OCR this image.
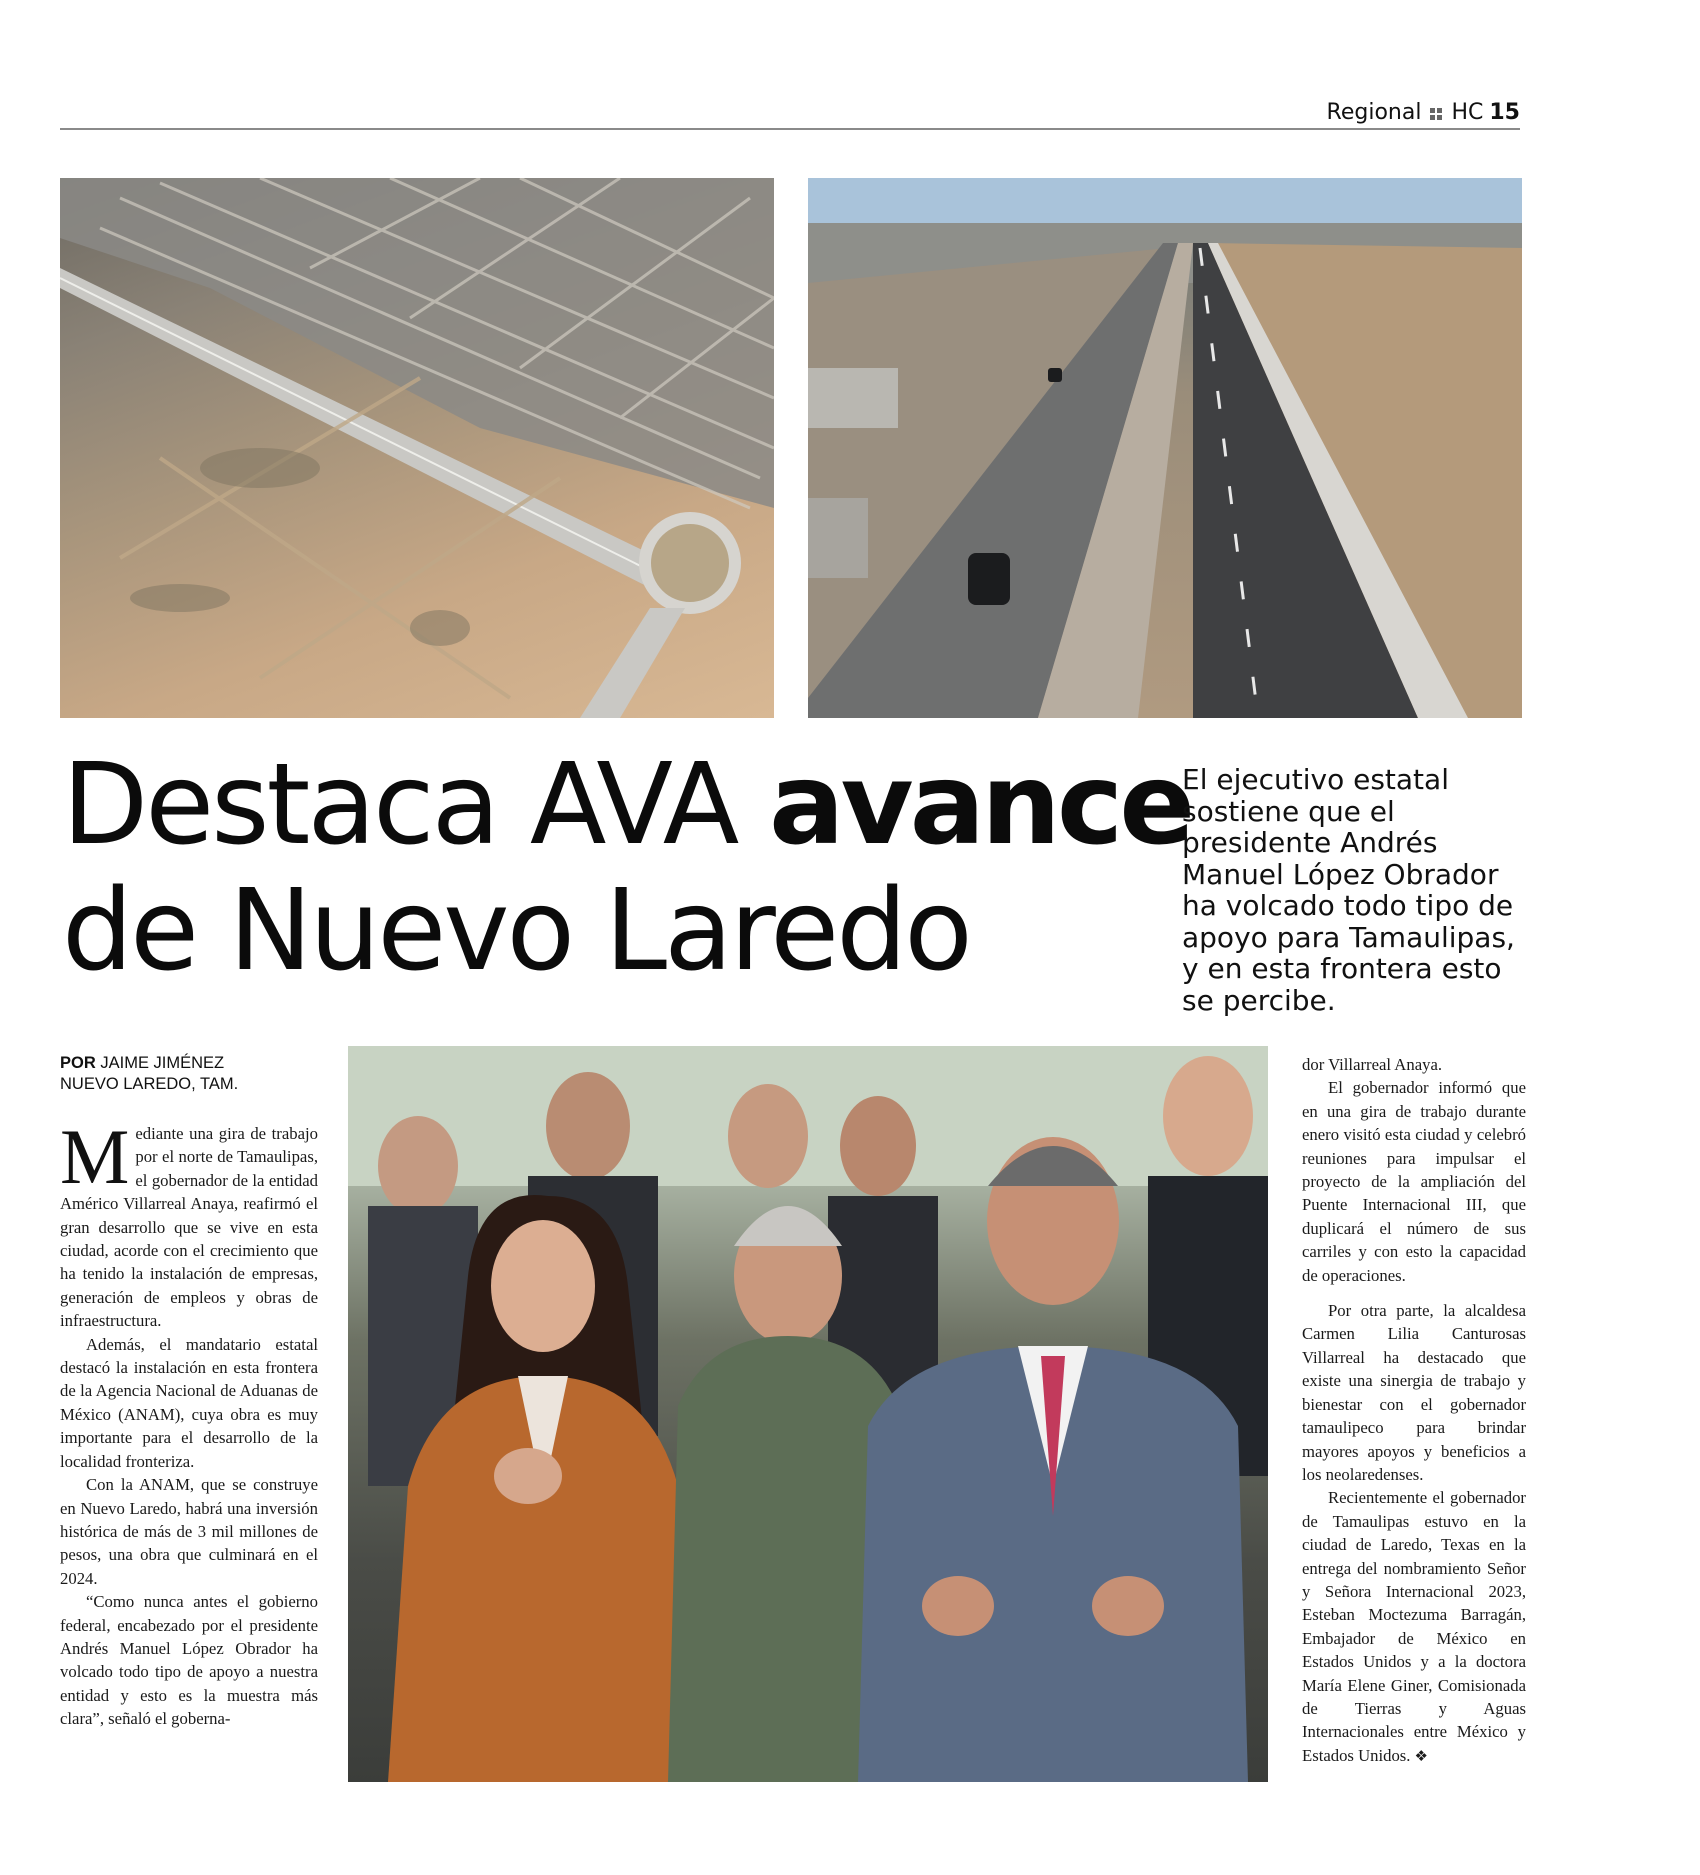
Regional HC 15
Destaca AVA avance
de Nuevo Laredo
El ejecutivo estatal sostiene que el presidente Andrés Manuel López Obrador ha volcado todo tipo de apoyo para Tamaulipas, y en esta frontera esto se percibe.
POR JAIME JIMÉNEZ
NUEVO LAREDO, TAM.

Mediante una gira de trabajo por el norte de Tamaulipas, el gobernador de la entidad Américo Villarreal Anaya, reafirmó el gran desarrollo que se vive en esta ciudad, acorde con el crecimiento que ha tenido la instalación de empresas, generación de empleos y obras de infraestructura.

Además, el mandatario estatal destacó la instalación en esta frontera de la Agencia Nacional de Aduanas de México (ANAM), cuya obra es muy importante para el desarrollo de la localidad fronteriza.

Con la ANAM, que se construye en Nuevo Laredo, habrá una inversión histórica de más de 3 mil millones de pesos, una obra que culminará en el 2024.

“Como nunca antes el gobierno federal, encabezado por el presidente Andrés Manuel López Obrador ha volcado todo tipo de apoyo a nuestra entidad y esto es la muestra más clara”, señaló el goberna-

dor Villarreal Anaya.

El gobernador informó que en una gira de trabajo durante enero visitó esta ciudad y celebró reuniones para impulsar el proyecto de la ampliación del Puente Internacional III, que duplicará el número de sus carriles y con esto la capacidad de operaciones.

Por otra parte, la alcaldesa Carmen Lilia Canturosas Villarreal ha destacado que existe una sinergia de trabajo y bienestar con el gobernador tamaulipeco para brindar mayores apoyos y beneficios a los neolaredenses.

Recientemente el gobernador de Tamaulipas estuvo en la ciudad de Laredo, Texas en la entrega del nombramiento Señor y Señora Internacional 2023, Esteban Moctezuma Barragán, Embajador de México en Estados Unidos y a la doctora María Elene Giner, Comisionada de Tierras y Aguas Internacionales entre México y Estados Unidos. ❖
